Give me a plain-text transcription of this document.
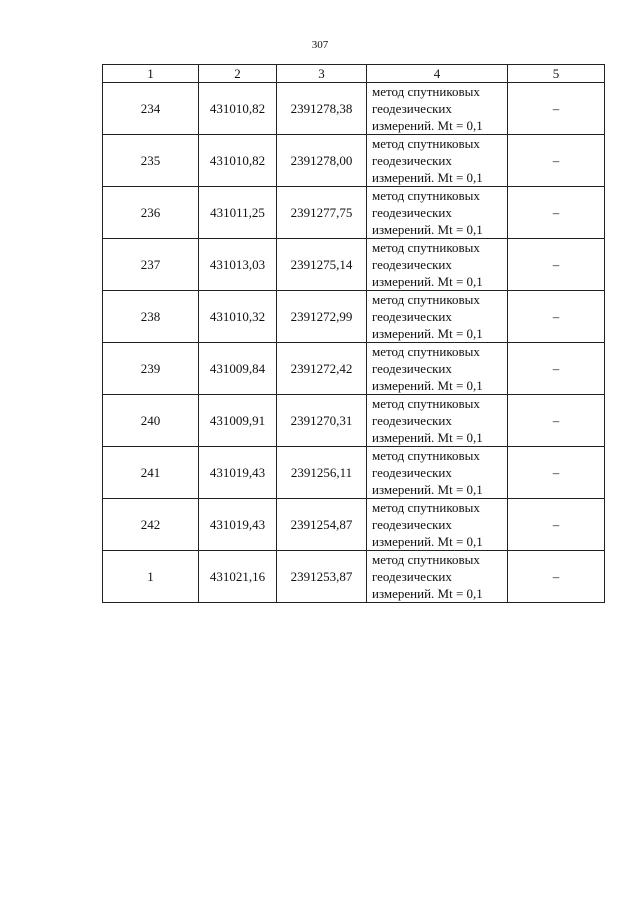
307
1	2	3	4	5
234	431010,82	2391278,38	метод спутниковых
геодезических
измерений. Mt = 0,1	–
235	431010,82	2391278,00	метод спутниковых
геодезических
измерений. Mt = 0,1	–
236	431011,25	2391277,75	метод спутниковых
геодезических
измерений. Mt = 0,1	–
237	431013,03	2391275,14	метод спутниковых
геодезических
измерений. Mt = 0,1	–
238	431010,32	2391272,99	метод спутниковых
геодезических
измерений. Mt = 0,1	–
239	431009,84	2391272,42	метод спутниковых
геодезических
измерений. Mt = 0,1	–
240	431009,91	2391270,31	метод спутниковых
геодезических
измерений. Mt = 0,1	–
241	431019,43	2391256,11	метод спутниковых
геодезических
измерений. Mt = 0,1	–
242	431019,43	2391254,87	метод спутниковых
геодезических
измерений. Mt = 0,1	–
1	431021,16	2391253,87	метод спутниковых
геодезических
измерений. Mt = 0,1	–
